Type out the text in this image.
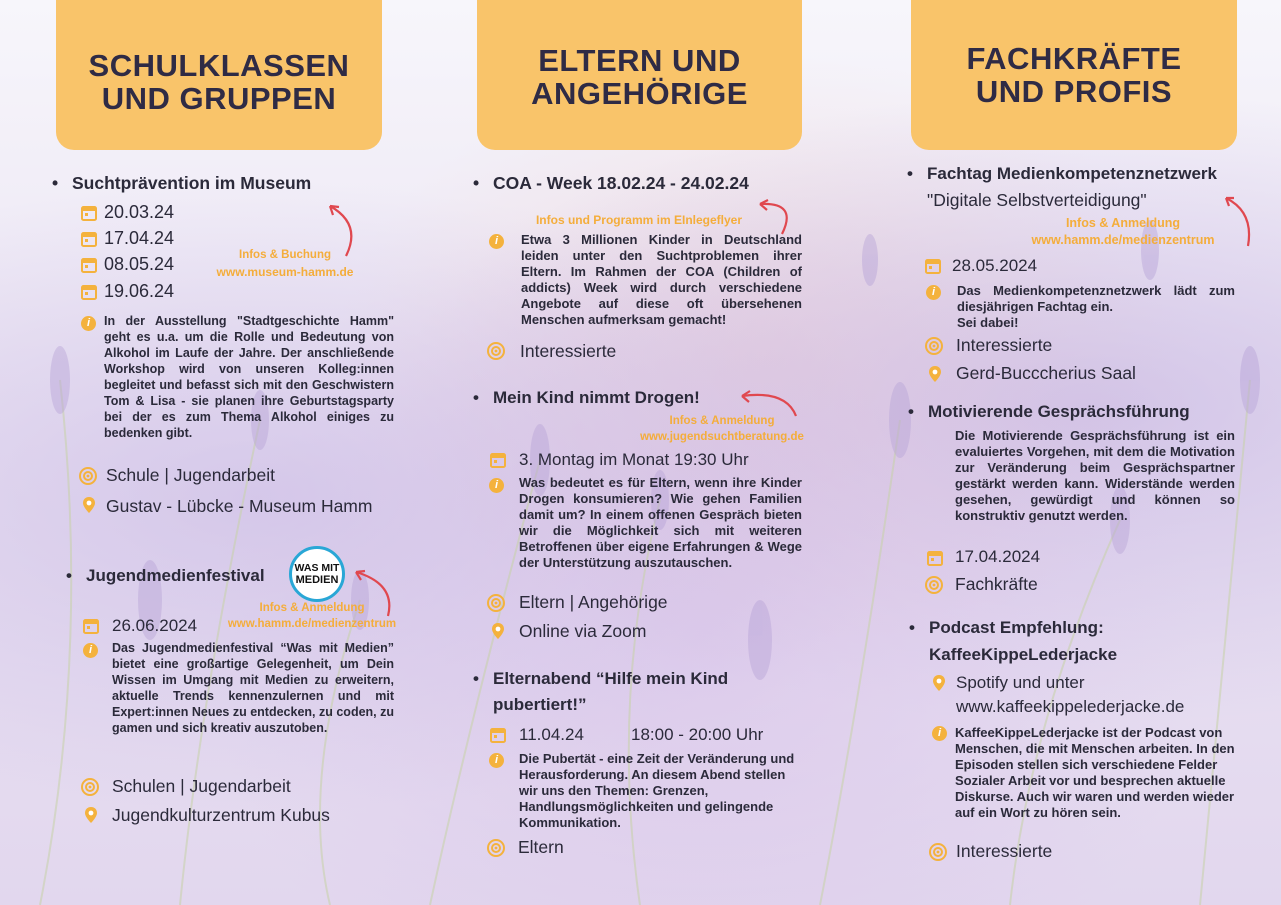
SCHULKLASSEN
UND GRUPPEN
• Suchtprävention im Museum
20.03.24
17.04.24
08.05.24
19.06.24
Infos & Buchung
www.museum-hamm.de
i	In der Ausstellung "Stadtgeschichte Hamm" geht es u.a. um die Rolle und Bedeutung von Alkohol im Laufe der Jahre. Der anschließende Workshop wird von unseren Kolleg:innen begleitet und befasst sich mit den Geschwistern Tom & Lisa - sie planen ihre Geburtstagsparty bei der es zum Thema Alkohol einiges zu bedenken gibt.
Schule | Jugendarbeit
Gustav - Lübcke - Museum Hamm
• Jugendmedienfestival	WAS MIT
MEDIEN
Infos & Anmeldung
www.hamm.de/medienzentrum
26.06.2024
i	Das Jugendmedienfestival “Was mit Medien” bietet eine großartige Gelegenheit, um Dein Wissen im Umgang mit Medien zu erweitern, aktuelle Trends kennenzulernen und mit Expert:innen Neues zu entdecken, zu coden, zu gamen und sich kreativ auszutoben.
Schulen | Jugendarbeit
Jugendkulturzentrum Kubus
ELTERN UND
ANGEHÖRIGE
• COA - Week 18.02.24 - 24.02.24
Infos und Programm im EInlegeflyer
i	Etwa 3 Millionen Kinder in Deutschland leiden unter den Suchtproblemen ihrer Eltern. Im Rahmen der COA (Children of addicts) Week wird durch verschiedene Angebote auf diese oft übersehenen Menschen aufmerksam gemacht!
Interessierte
• Mein Kind nimmt Drogen!
Infos & Anmeldung
www.jugendsuchtberatung.de
3. Montag im Monat 19:30 Uhr
i	Was bedeutet es für Eltern, wenn ihre Kinder Drogen konsumieren? Wie gehen Familien damit um? In einem offenen Gespräch bieten wir die Möglichkeit sich mit weiteren Betroffenen über eigene Erfahrungen & Wege der Unterstützung auszutauschen.
Eltern | Angehörige
Online via Zoom
• Elternabend “Hilfe mein Kind
pubertiert!”
11.04.24	18:00 - 20:00 Uhr
i	Die Pubertät - eine Zeit der Veränderung und Herausforderung. An diesem Abend stellen wir uns den Themen: Grenzen, Handlungsmöglichkeiten und gelingende Kommunikation.
Eltern
FACHKRÄFTE
UND PROFIS
• Fachtag Medienkompetenznetzwerk
"Digitale Selbstverteidigung"
Infos & Anmeldung
www.hamm.de/medienzentrum
28.05.2024
i	Das Medienkompetenznetzwerk lädt zum diesjährigen Fachtag ein.
Sei dabei!
Interessierte
Gerd-Bucccherius Saal
• Motivierende Gesprächsführung
Die Motivierende Gesprächsführung ist ein evaluiertes Vorgehen, mit dem die Motivation zur Veränderung beim Gesprächspartner gestärkt werden kann. Widerstände werden gesehen, gewürdigt und können so konstruktiv genutzt werden.
17.04.2024
Fachkräfte
• Podcast Empfehlung:
KaffeeKippeLederjacke
Spotify und unter
www.kaffeekippelederjacke.de
i	KaffeeKippeLederjacke ist der Podcast von Menschen, die mit Menschen arbeiten. In den Episoden stellen sich verschiedene Felder Sozialer Arbeit vor und besprechen aktuelle Diskurse. Auch wir waren und werden wieder auf ein Wort zu hören sein.
Interessierte
